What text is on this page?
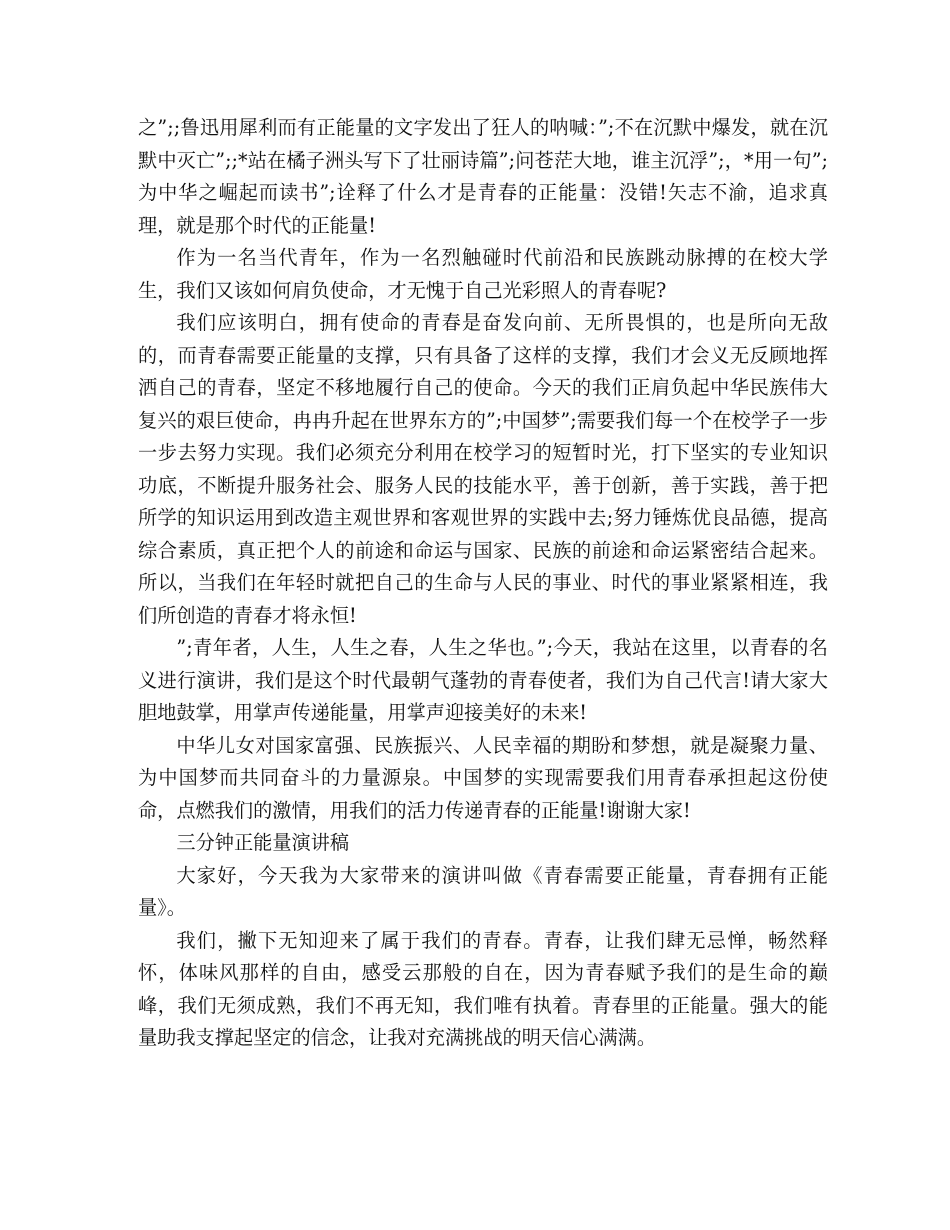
之”;;鲁迅用犀利而有正能量的文字发出了狂人的呐喊：”;不在沉默中爆发，就在沉默中灭亡”;;*站在橘子洲头写下了壮丽诗篇”;问苍茫大地，谁主沉浮”;，*用一句”;为中华之崛起而读书”;诠释了什么才是青春的正能量：没错!矢志不渝，追求真理，就是那个时代的正能量!

作为一名当代青年，作为一名烈触碰时代前沿和民族跳动脉搏的在校大学生，我们又该如何肩负使命，才无愧于自己光彩照人的青春呢?

我们应该明白，拥有使命的青春是奋发向前、无所畏惧的，也是所向无敌的，而青春需要正能量的支撑，只有具备了这样的支撑，我们才会义无反顾地挥洒自己的青春，坚定不移地履行自己的使命。今天的我们正肩负起中华民族伟大复兴的艰巨使命，冉冉升起在世界东方的”;中国梦”;需要我们每一个在校学子一步一步去努力实现。我们必须充分利用在校学习的短暂时光，打下坚实的专业知识功底，不断提升服务社会、服务人民的技能水平，善于创新，善于实践，善于把所学的知识运用到改造主观世界和客观世界的实践中去;努力锤炼优良品德，提高综合素质，真正把个人的前途和命运与国家、民族的前途和命运紧密结合起来。所以，当我们在年轻时就把自己的生命与人民的事业、时代的事业紧紧相连，我们所创造的青春才将永恒!

”;青年者，人生，人生之春，人生之华也。”;今天，我站在这里，以青春的名义进行演讲，我们是这个时代最朝气蓬勃的青春使者，我们为自己代言!请大家大胆地鼓掌，用掌声传递能量，用掌声迎接美好的未来!

中华儿女对国家富强、民族振兴、人民幸福的期盼和梦想，就是凝聚力量、为中国梦而共同奋斗的力量源泉。中国梦的实现需要我们用青春承担起这份使命，点燃我们的激情，用我们的活力传递青春的正能量!谢谢大家!

三分钟正能量演讲稿

大家好，今天我为大家带来的演讲叫做《青春需要正能量，青春拥有正能量》。

我们，撇下无知迎来了属于我们的青春。青春，让我们肆无忌惮，畅然释怀，体味风那样的自由，感受云那般的自在，因为青春赋予我们的是生命的巅峰，我们无须成熟，我们不再无知，我们唯有执着。青春里的正能量。强大的能量助我支撑起坚定的信念，让我对充满挑战的明天信心满满。
